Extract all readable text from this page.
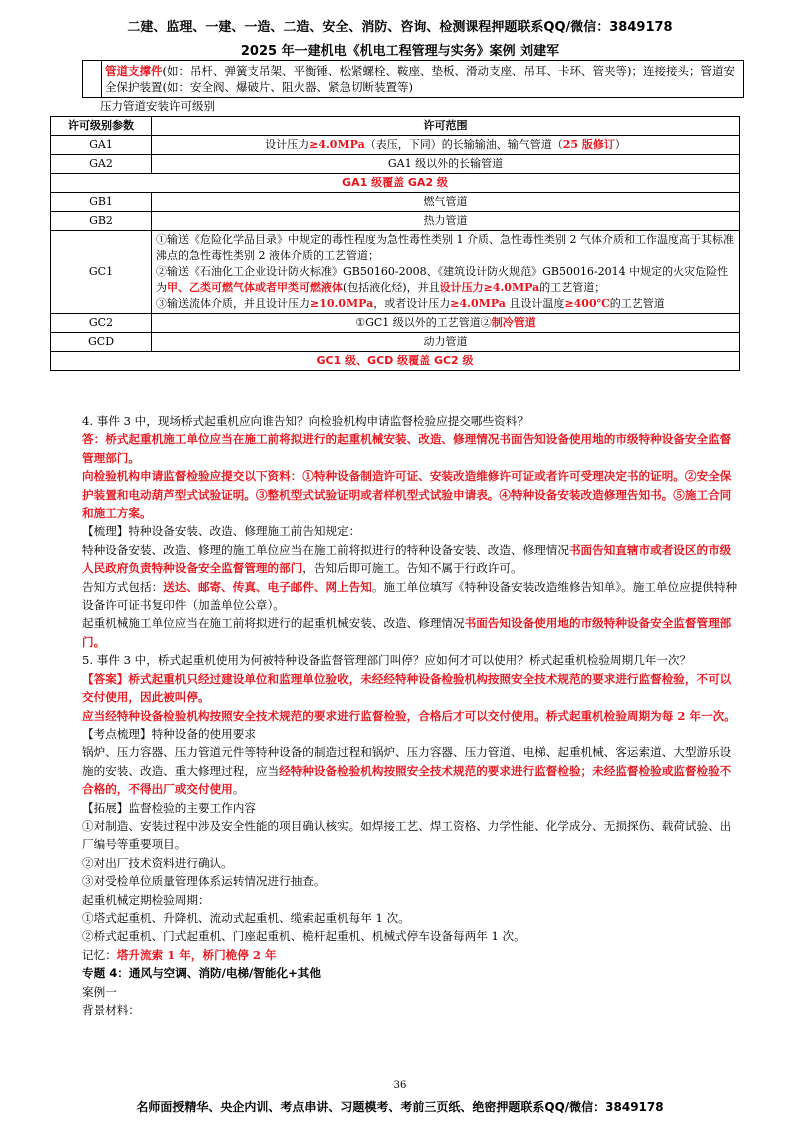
二建、监理、一建、一造、二造、安全、消防、咨询、检测课程押题联系QQ/微信：3849178
2025 年一建机电《机电工程管理与实务》案例 刘建军
管道支撑件(如：吊杆、弹簧支吊架、平衡锤、松紧螺栓、鞍座、垫板、滑动支座、吊耳、卡环、管夹等)；连接接头；管道安全保护装置(如：安全阀、爆破片、阻火器、紧急切断装置等)
压力管道安装许可级别
许可级别参数	许可范围
GA1	设计压力≥4.0MPa（表压，下同）的长输输油、输气管道（25 版修订）
GA2	GA1 级以外的长输管道
GA1 级覆盖 GA2 级	
GB1	燃气管道
GB2	热力管道
GC1	①输送《危险化学品目录》中规定的毒性程度为急性毒性类别 1 介质、急性毒性类别 2 气体介质和工作温度高于其标准沸点的急性毒性类别 2 液体介质的工艺管道；
②输送《石油化工企业设计防火标准》GB50160-2008、《建筑设计防火规范》GB50016-2014 中规定的火灾危险性为甲、乙类可燃气体或者甲类可燃液体(包括液化烃)，并且设计压力≥4.0MPa的工艺管道；
③输送流体介质，并且设计压力≥10.0MPa，或者设计压力≥4.0MPa 且设计温度≥400℃的工艺管道

GC2	①GC1 级以外的工艺管道②制冷管道
GCD	动力管道
GC1 级、GCD 级覆盖 GC2 级	

4. 事件 3 中，现场桥式起重机应向谁告知？向检验机构申请监督检验应提交哪些资料？

答：桥式起重机施工单位应当在施工前将拟进行的起重机械安装、改造、修理情况书面告知设备使用地的市级特种设备安全监督管理部门。

向检验机构申请监督检验应提交以下资料：①特种设备制造许可证、安装改造维修许可证或者许可受理决定书的证明。②安全保护装置和电动葫芦型式试验证明。③整机型式试验证明或者样机型式试验申请表。④特种设备安装改造修理告知书。⑤施工合同和施工方案。

【梳理】特种设备安装、改造、修理施工前告知规定：

特种设备安装、改造、修理的施工单位应当在施工前将拟进行的特种设备安装、改造、修理情况书面告知直辖市或者设区的市级人民政府负责特种设备安全监督管理的部门，告知后即可施工。告知不属于行政许可。

告知方式包括：送达、邮寄、传真、电子邮件、网上告知。施工单位填写《特种设备安装改造维修告知单》。施工单位应提供特种设备许可证书复印件（加盖单位公章）。

起重机械施工单位应当在施工前将拟进行的起重机械安装、改造、修理情况书面告知设备使用地的市级特种设备安全监督管理部门。

5. 事件 3 中，桥式起重机使用为何被特种设备监督管理部门叫停？应如何才可以使用？桥式起重机检验周期几年一次？

【答案】桥式起重机只经过建设单位和监理单位验收，未经经特种设备检验机构按照安全技术规范的要求进行监督检验，不可以交付使用，因此被叫停。

应当经特种设备检验机构按照安全技术规范的要求进行监督检验，合格后才可以交付使用。桥式起重机检验周期为每 2 年一次。

【考点梳理】特种设备的使用要求

锅炉、压力容器、压力管道元件等特种设备的制造过程和锅炉、压力容器、压力管道、电梯、起重机械、客运索道、大型游乐设施的安装、改造、重大修理过程，应当经特种设备检验机构按照安全技术规范的要求进行监督检验；未经监督检验或监督检验不合格的，不得出厂或交付使用。

【拓展】监督检验的主要工作内容

①对制造、安装过程中涉及安全性能的项目确认核实。如焊接工艺、焊工资格、力学性能、化学成分、无损探伤、载荷试验、出厂编号等重要项目。

②对出厂技术资料进行确认。

③对受检单位质量管理体系运转情况进行抽查。

起重机械定期检验周期：

①塔式起重机、升降机、流动式起重机、缆索起重机每年 1 次。

②桥式起重机、门式起重机、门座起重机、桅杆起重机、机械式停车设备每两年 1 次。

记忆：塔升流索 1 年，桥门桅停 2 年

专题 4：通风与空调、消防/电梯/智能化+其他

案例一

背景材料：

36
名师面授精华、央企内训、考点串讲、习题模考、考前三页纸、绝密押题联系QQ/微信：3849178
